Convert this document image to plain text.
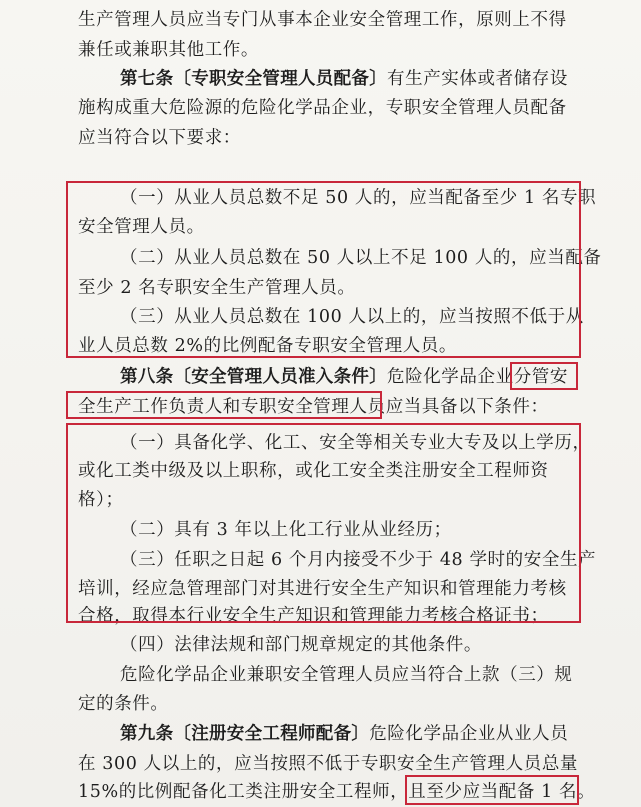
生产管理人员应当专门从事本企业安全管理工作，原则上不得
兼任或兼职其他工作。
第七条〔专职安全管理人员配备〕有生产实体或者储存设
施构成重大危险源的危险化学品企业，专职安全管理人员配备
应当符合以下要求：
（一）从业人员总数不足 50 人的，应当配备至少 1 名专职
安全管理人员。
（二）从业人员总数在 50 人以上不足 100 人的，应当配备
至少 2 名专职安全生产管理人员。
（三）从业人员总数在 100 人以上的，应当按照不低于从
业人员总数 2%的比例配备专职安全管理人员。
第八条〔安全管理人员准入条件〕危险化学品企业分管安
全生产工作负责人和专职安全管理人员应当具备以下条件：
（一）具备化学、化工、安全等相关专业大专及以上学历，
或化工类中级及以上职称，或化工安全类注册安全工程师资
格）；
（二）具有 3 年以上化工行业从业经历；
（三）任职之日起 6 个月内接受不少于 48 学时的安全生产
培训，经应急管理部门对其进行安全生产知识和管理能力考核
合格，取得本行业安全生产知识和管理能力考核合格证书；
（四）法律法规和部门规章规定的其他条件。
危险化学品企业兼职安全管理人员应当符合上款（三）规
定的条件。
第九条〔注册安全工程师配备〕危险化学品企业从业人员
在 300 人以上的，应当按照不低于专职安全生产管理人员总量
15%的比例配备化工类注册安全工程师，且至少应当配备 1 名。
